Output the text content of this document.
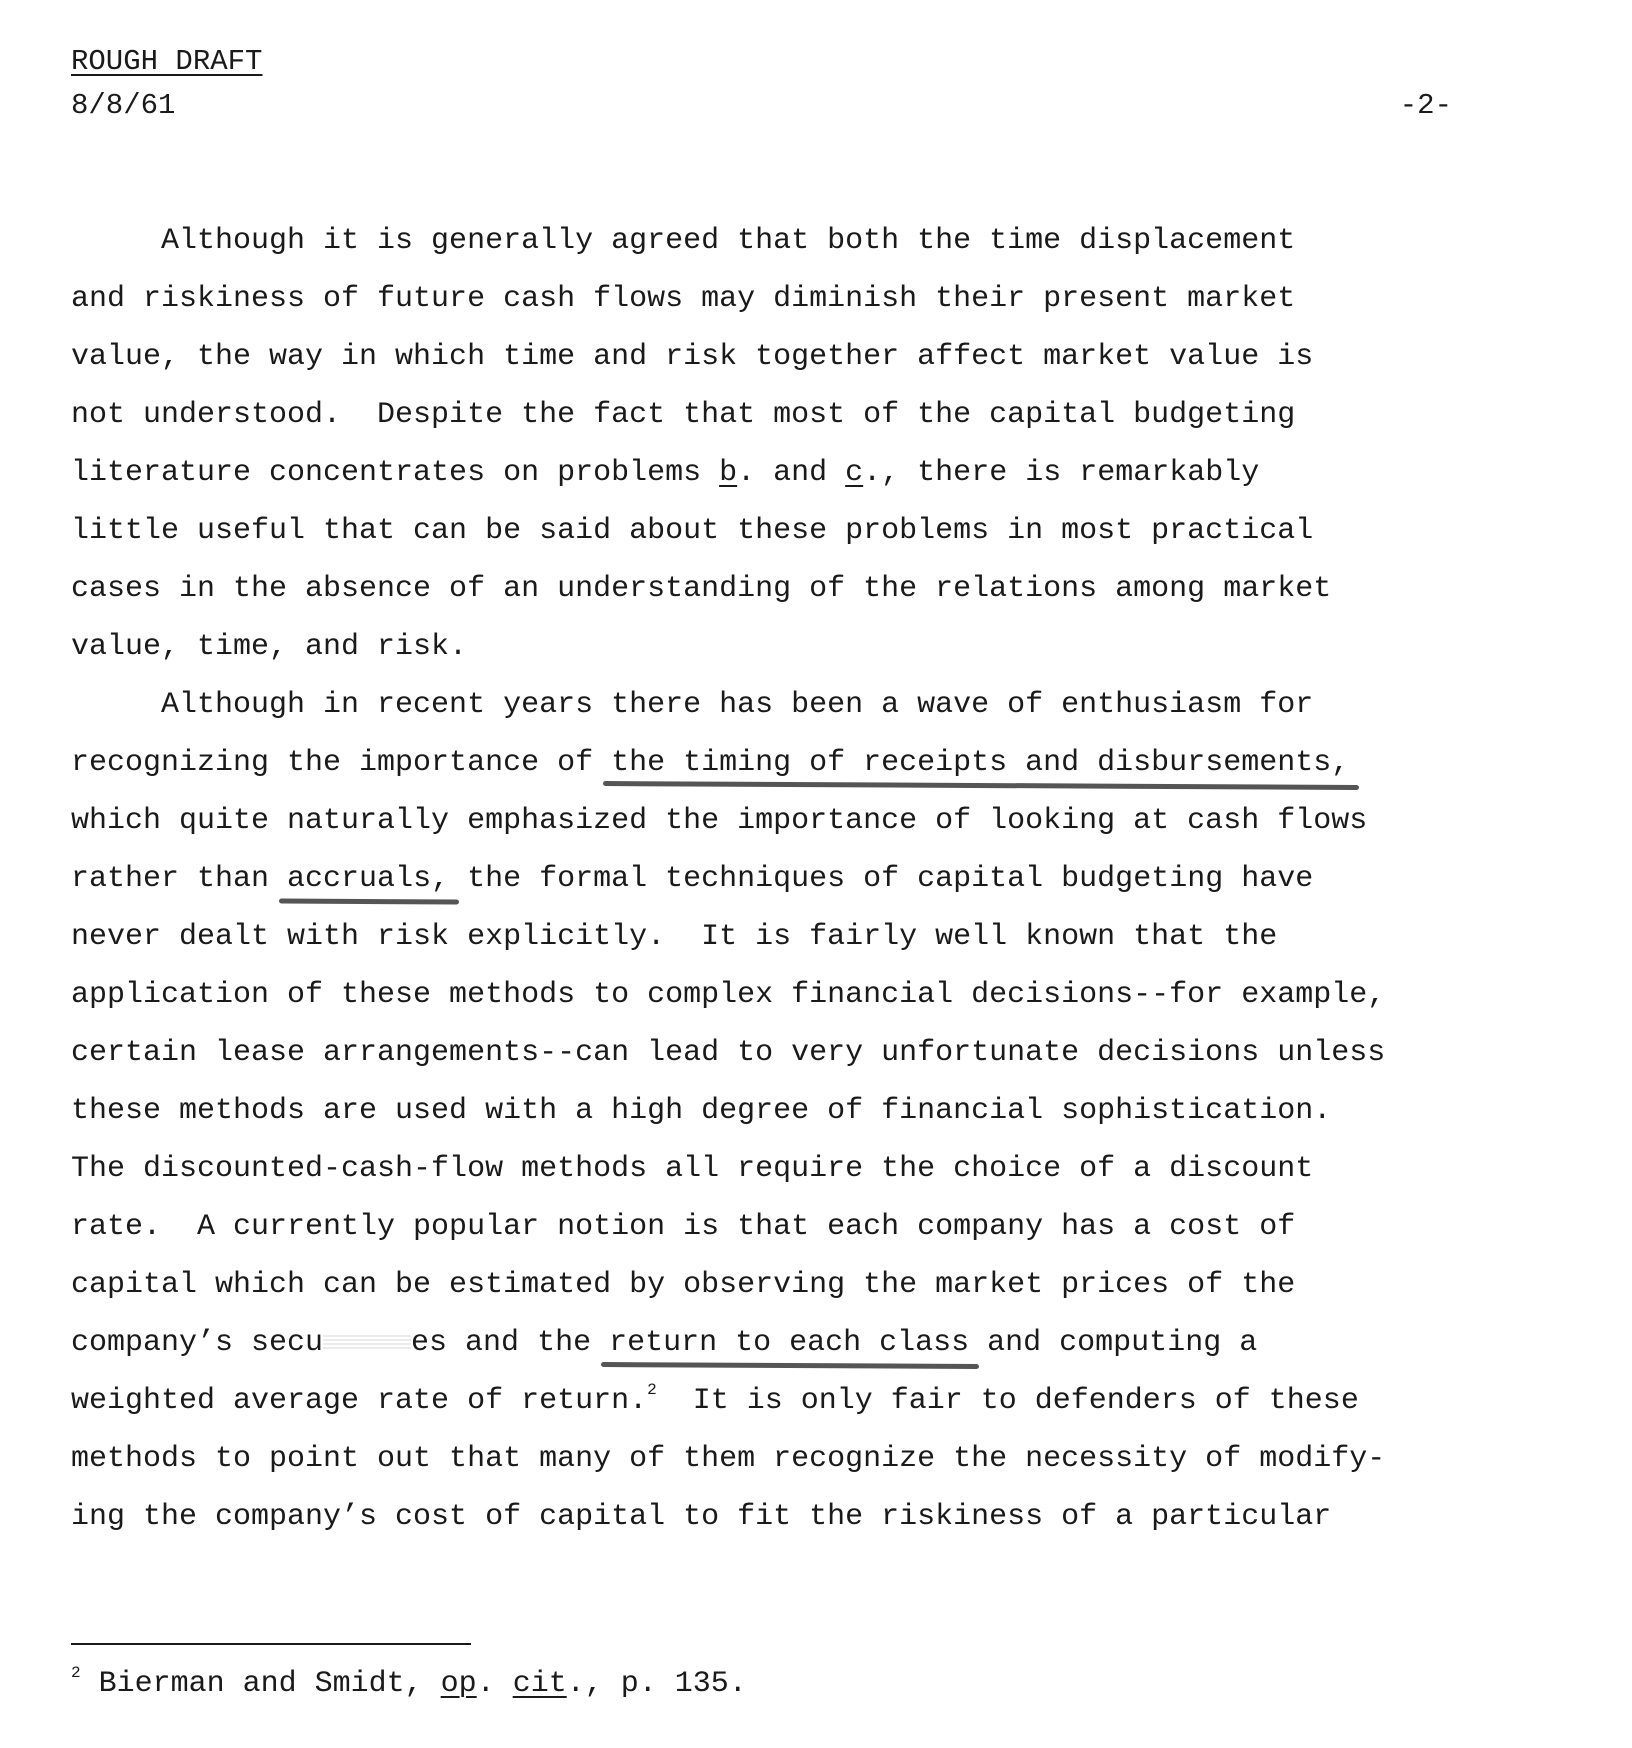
ROUGH DRAFT
8/8/61	-2-
Although it is generally agreed that both the time displacement
and riskiness of future cash flows may diminish their present market
value, the way in which time and risk together affect market value is
not understood.  Despite the fact that most of the capital budgeting
literature concentrates on problems b. and c., there is remarkably
little useful that can be said about these problems in most practical
cases in the absence of an understanding of the relations among market
value, time, and risk.
Although in recent years there has been a wave of enthusiasm for
recognizing the importance of the timing of receipts and disbursements,
which quite naturally emphasized the importance of looking at cash flows
rather than accruals, the formal techniques of capital budgeting have
never dealt with risk explicitly.  It is fairly well known that the
application of these methods to complex financial decisions--for example,
certain lease arrangements--can lead to very unfortunate decisions unless
these methods are used with a high degree of financial sophistication.
The discounted-cash-flow methods all require the choice of a discount
rate.  A currently popular notion is that each company has a cost of
capital which can be estimated by observing the market prices of the
company’s secu	es and the return to each class and computing a
weighted average rate of return.$^2$  It is only fair to defenders of these
methods to point out that many of them recognize the necessity of modify-
ing the company’s cost of capital to fit the riskiness of a particular
$^2$ Bierman and Smidt, op. cit., p. 135.
